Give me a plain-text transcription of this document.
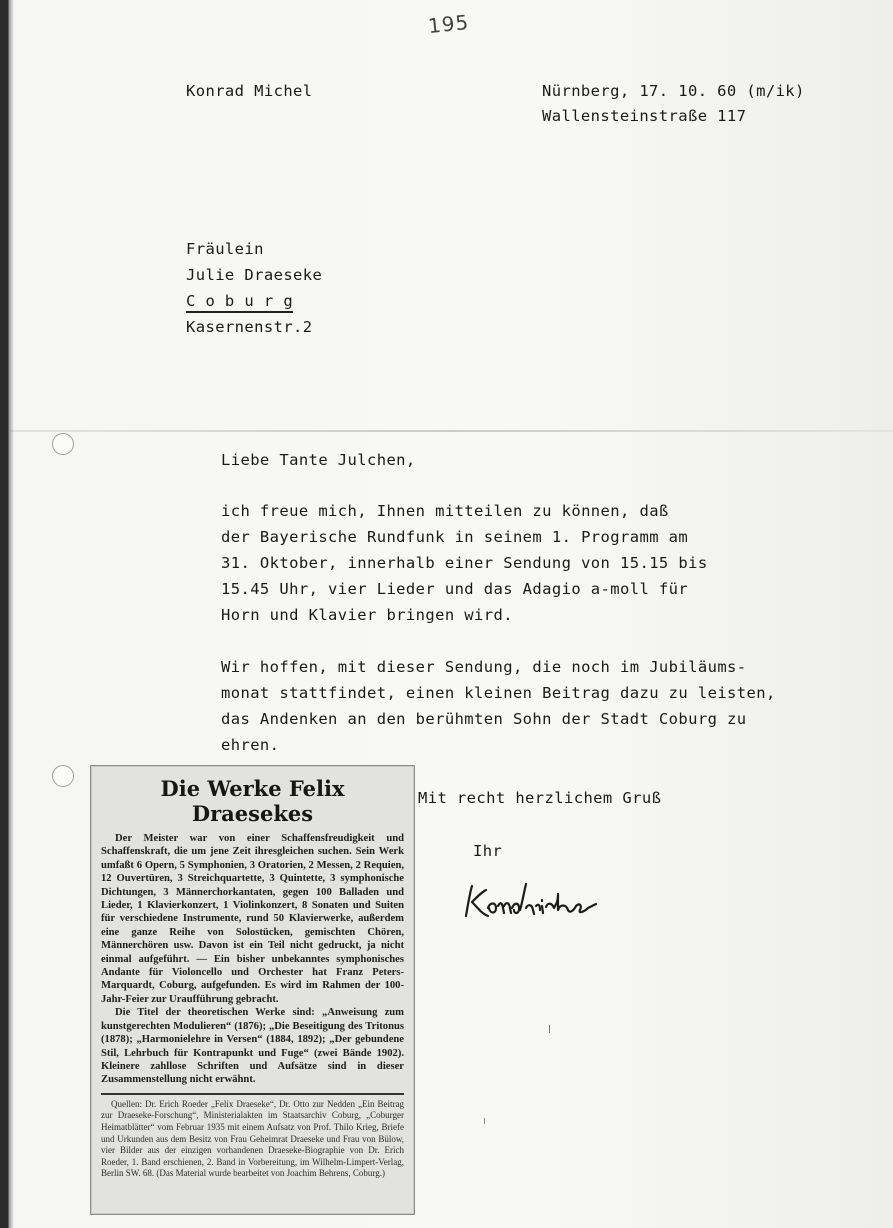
195
Konrad Michel	Nürnberg, 17. 10. 60 (m/ik)
Wallensteinstraße 117
Fräulein
Julie Draeseke
C o b u r g
Kasernenstr.2
Liebe Tante Julchen,
ich freue mich, Ihnen mitteilen zu können, daß
der Bayerische Rundfunk in seinem 1. Programm am
31. Oktober, innerhalb einer Sendung von 15.15 bis
15.45 Uhr, vier Lieder und das Adagio a-moll für
Horn und Klavier bringen wird.
Wir hoffen, mit dieser Sendung, die noch im Jubiläums-
monat stattfindet, einen kleinen Beitrag dazu zu leisten,
das Andenken an den berühmten Sohn der Stadt Coburg zu
ehren.
Mit recht herzlichem Gruß
Ihr
Die Werke Felix Draesekes

Der Meister war von einer Schaffensfreudigkeit und Schaffenskraft, die um jene Zeit ihresgleichen suchen. Sein Werk umfaßt 6 Opern, 5 Symphonien, 3 Oratorien, 2 Messen, 2 Requien, 12 Ouvertüren, 3 Streichquartette, 3 Quintette, 3 symphonische Dichtungen, 3 Männerchorkantaten, gegen 100 Balladen und Lieder, 1 Klavierkonzert, 1 Violinkonzert, 8 Sonaten und Suiten für verschiedene Instrumente, rund 50 Klavierwerke, außerdem eine ganze Reihe von Solostücken, gemischten Chören, Männerchören usw. Davon ist ein Teil nicht gedruckt, ja nicht einmal aufgeführt. — Ein bisher unbekanntes symphonisches Andante für Violoncello und Orchester hat Franz Peters-Marquardt, Coburg, aufgefunden. Es wird im Rahmen der 100-Jahr-Feier zur Uraufführung gebracht.

Die Titel der theoretischen Werke sind: „Anweisung zum kunstgerechten Modulieren“ (1876); „Die Beseitigung des Tritonus (1878); „Harmonielehre in Versen“ (1884, 1892); „Der gebundene Stil, Lehrbuch für Kontrapunkt und Fuge“ (zwei Bände 1902). Kleinere zahllose Schriften und Aufsätze sind in dieser Zusammenstellung nicht erwähnt.

Quellen: Dr. Erich Roeder „Felix Draeseke“, Dr. Otto zur Nedden „Ein Beitrag zur Draeseke-Forschung“, Ministerialakten im Staatsarchiv Coburg, „Coburger Heimatblätter“ vom Februar 1935 mit einem Aufsatz von Prof. Thilo Krieg, Briefe und Urkunden aus dem Besitz von Frau Geheimrat Draeseke und Frau von Bülow, vier Bilder aus der einzigen vorhandenen Draeseke-Biographie von Dr. Erich Roeder, 1. Band erschienen, 2. Band in Vorbereitung, im Wilhelm-Limpert-Verlag, Berlin SW. 68. (Das Material wurde bearbeitet von Joachim Behrens, Coburg.)
